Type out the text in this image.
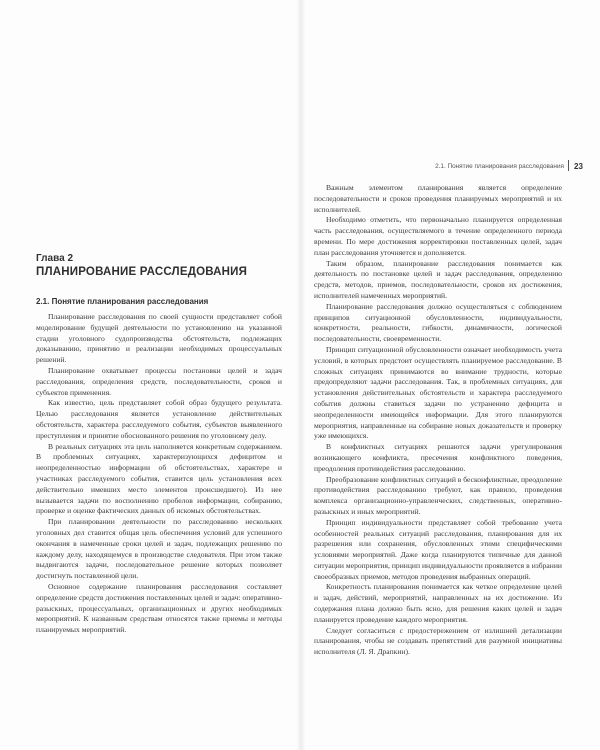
Глава 2
ПЛАНИРОВАНИЕ РАССЛЕДОВАНИЯ
2.1. Понятие планирования расследования

Планирование расследования по своей сущности представляет собой моделирование будущей деятельности по установлению на указанной стадии уголовного судопроизводства обстоятельств, подлежащих доказыванию, принятию и реализации необходимых процессуальных решений.

Планирование охватывает процессы постановки целей и задач расследования, определения средств, последовательности, сроков и субъектов применения.

Как известно, цель представляет собой образ будущего результата. Целью расследования является установление действительных обстоятельств, характера расследуемого события, субъектов выявленного преступления и принятие обоснованного решения по уголовному делу.

В реальных ситуациях эта цель наполняется конкретным содержанием. В проблемных ситуациях, характеризующихся дефицитом и неопределенностью информации об обстоятельствах, характере и участниках расследуемого события, ставится цель установления всех действительно имевших место элементов происшедшего). Из нее вызывается задачи по восполнению пробелов информации, собиранию, проверке и оценке фактических данных об искомых обстоятельствах.

При планировании деятельности по расследованию нескольких уголовных дел ставится общая цель обеспечения условий для успешного окончания в намеченные сроки целей и задач, подлежащих решению по каждому делу, находящемуся в производстве следователя. При этом также выдвигаются задачи, последовательное решение которых позволяет достигнуть поставленной цели.

Основное содержание планирования расследования составляет определение средств достижения поставленных целей и задач: оперативно-разыскных, процессуальных, организационных и других необходимых мероприятий. К названным средствам относятся также приемы и методы планируемых мероприятий.

2.1. Понятие планирования расследования 23

Важным элементом планирования является определение последовательности и сроков проведения планируемых мероприятий и их исполнителей.

Необходимо отметить, что первоначально планируется определенная часть расследования, осуществляемого в течение определенного периода времени. По мере достижения корректировки поставленных целей, задач план расследования уточняется и дополняется.

Таким образом, планирование расследования понимается как деятельность по постановке целей и задач расследования, определению средств, методов, приемов, последовательности, сроков их достижения, исполнителей намеченных мероприятий.

Планирование расследования должно осуществляться с соблюдением принципов ситуационной обусловленности, индивидуальности, конкретности, реальности, гибкости, динамичности, логической последовательности, своевременности.

Принцип ситуационной обусловленности означает необходимость учета условий, в которых предстоит осуществлять планируемое расследование. В сложных ситуациях принимаются во внимание трудности, которые предопределяют задачи расследования. Так, в проблемных ситуациях, для установления действительных обстоятельств и характера расследуемого события должны ставиться задачи по устранению дефицита и неопределенности имеющейся информации. Для этого планируются мероприятия, направленные на собирание новых доказательств и проверку уже имеющихся.

В конфликтных ситуациях решаются задачи урегулирования возникающего конфликта, пресечения конфликтного поведения, преодоления противодействия расследованию.

Преобразование конфликтных ситуаций в бесконфликтные, преодоление противодействия расследованию требуют, как правило, проведения комплекса организационно-управленческих, следственных, оперативно-разыскных и иных мероприятий.

Принцип индивидуальности представляет собой требование учета особенностей реальных ситуаций расследования, планирования для их разрешения или сохранения, обусловленных этими специфическими условиями мероприятий. Даже когда планируются типичные для данной ситуации мероприятия, принцип индивидуальности проявляется в избрании своеобразных приемов, методов проведения выбранных операций.

Конкретность планирования понимается как четкое определение целей и задач, действий, мероприятий, направленных на их достижение. Из содержания плана должно быть ясно, для решения каких целей и задач планируется проведение каждого мероприятия.

Следует согласиться с предостережением от излишней детализации планирования, чтобы не создавать препятствий для разумной инициативы исполнителя (Л. Я. Драпкин).
